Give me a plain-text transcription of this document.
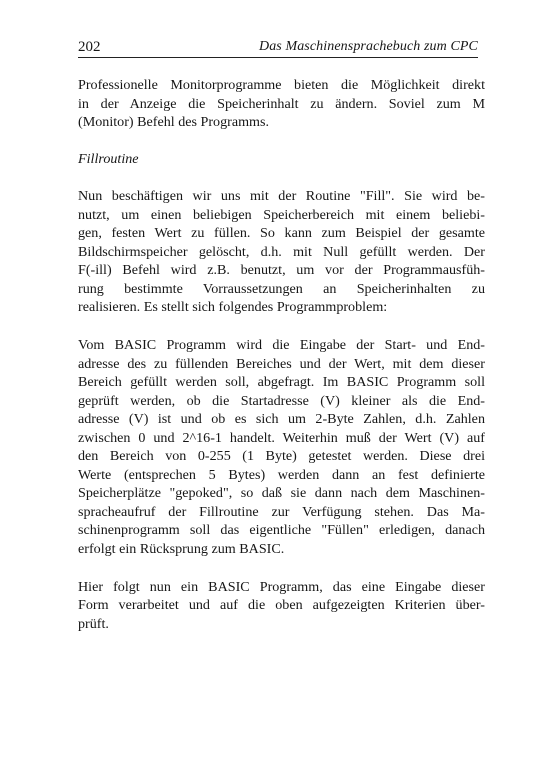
202	Das Maschinensprachebuch zum CPC

Professionelle Monitorprogramme bieten die Möglichkeit direkt

in der Anzeige die Speicherinhalt zu ändern. Soviel zum M

(Monitor) Befehl des Programms.

Fillroutine

Nun beschäftigen wir uns mit der Routine "Fill". Sie wird be-

nutzt, um einen beliebigen Speicherbereich mit einem beliebi-

gen, festen Wert zu füllen. So kann zum Beispiel der gesamte

Bildschirmspeicher gelöscht, d.h. mit Null gefüllt werden. Der

F(-ill) Befehl wird z.B. benutzt, um vor der Programmausfüh-

rung bestimmte Vorraussetzungen an Speicherinhalten zu

realisieren. Es stellt sich folgendes Programmproblem:

Vom BASIC Programm wird die Eingabe der Start- und End-

adresse des zu füllenden Bereiches und der Wert, mit dem dieser

Bereich gefüllt werden soll, abgefragt. Im BASIC Programm soll

geprüft werden, ob die Startadresse (V) kleiner als die End-

adresse (V) ist und ob es sich um 2-Byte Zahlen, d.h. Zahlen

zwischen 0 und 2^16-1 handelt. Weiterhin muß der Wert (V) auf

den Bereich von 0-255 (1 Byte) getestet werden. Diese drei

Werte (entsprechen 5 Bytes) werden dann an fest definierte

Speicherplätze "gepoked", so daß sie dann nach dem Maschinen-

spracheaufruf der Fillroutine zur Verfügung stehen. Das Ma-

schinenprogramm soll das eigentliche "Füllen" erledigen, danach

erfolgt ein Rücksprung zum BASIC.

Hier folgt nun ein BASIC Programm, das eine Eingabe dieser

Form verarbeitet und auf die oben aufgezeigten Kriterien über-

prüft.
